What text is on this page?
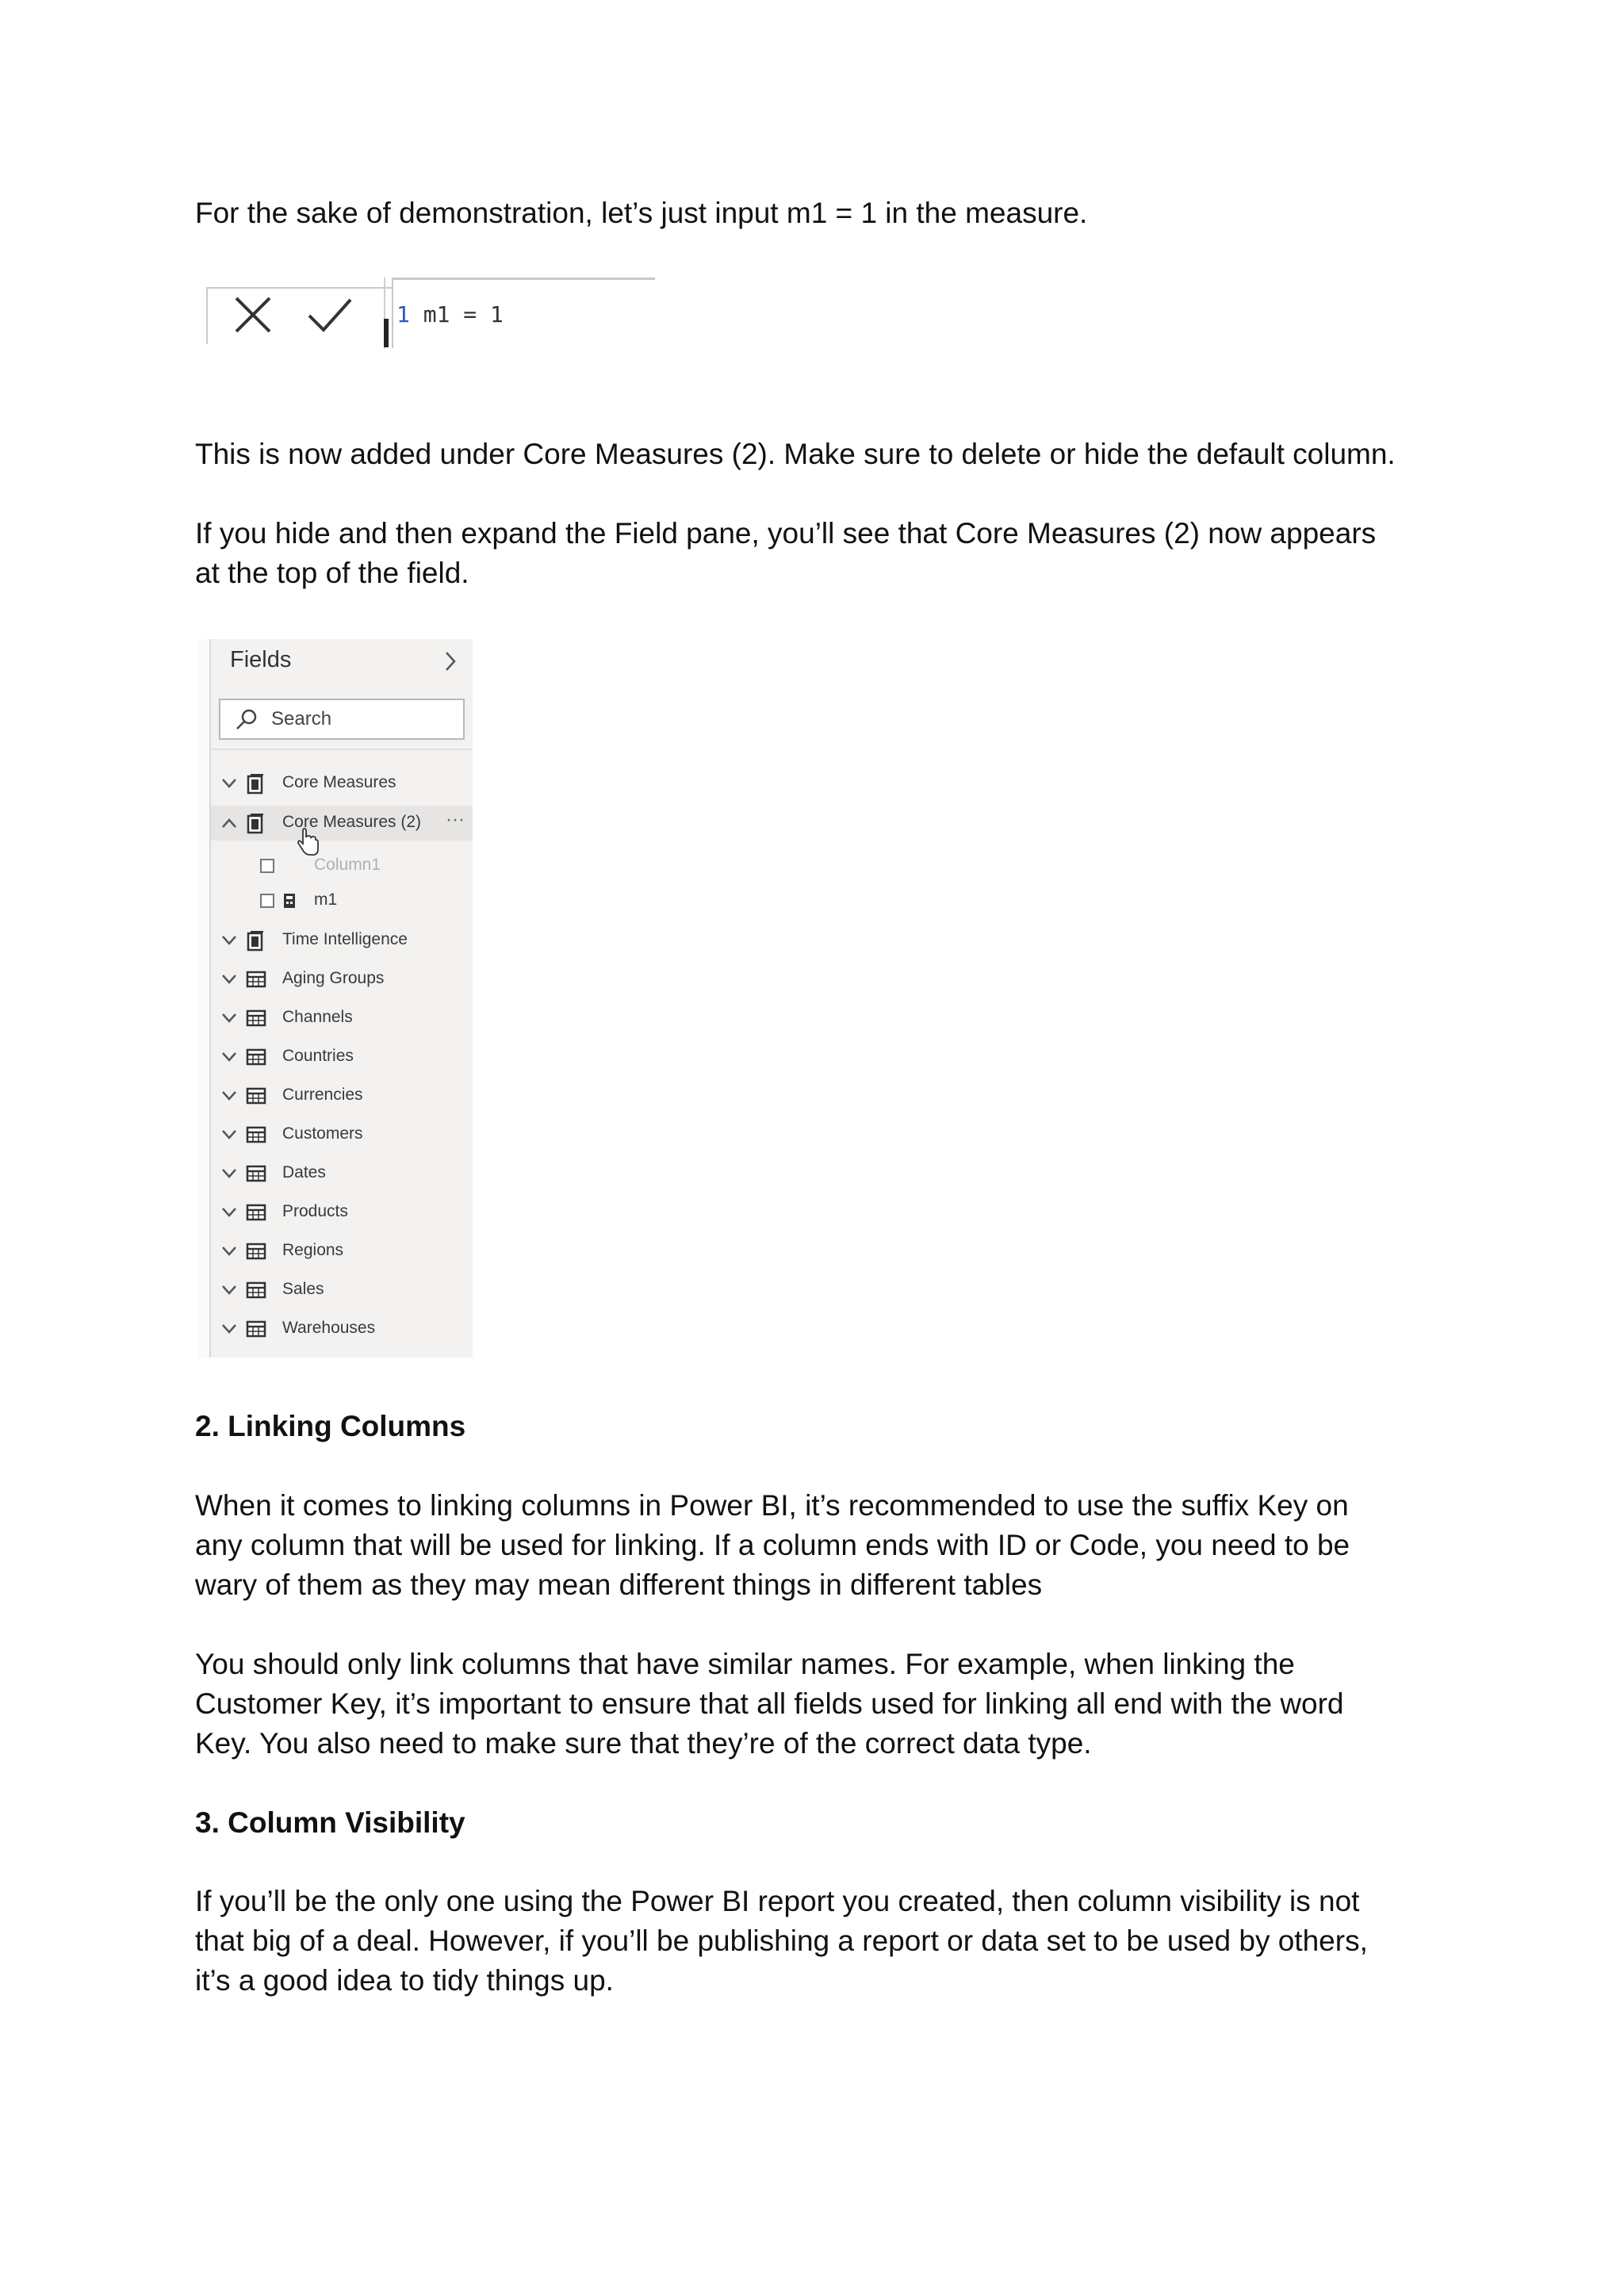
For the sake of demonstration, let’s just input m1 = 1 in the measure.

1 m1 = 1

This is now added under Core Measures (2). Make sure to delete or hide the default column.

If you hide and then expand the Field pane, you’ll see that Core Measures (2) now appears

at the top of the field.

Fields
Search
Core Measures
Core Measures (2) ···
Column1
m1
Time Intelligence
Aging Groups
Channels
Countries
Currencies
Customers
Dates
Products
Regions
Sales
Warehouses

2. Linking Columns

When it comes to linking columns in Power BI, it’s recommended to use the suffix Key on

any column that will be used for linking. If a column ends with ID or Code, you need to be

wary of them as they may mean different things in different tables

You should only link columns that have similar names. For example, when linking the

Customer Key, it’s important to ensure that all fields used for linking all end with the word

Key. You also need to make sure that they’re of the correct data type.

3. Column Visibility

If you’ll be the only one using the Power BI report you created, then column visibility is not

that big of a deal. However, if you’ll be publishing a report or data set to be used by others,

it’s a good idea to tidy things up.
